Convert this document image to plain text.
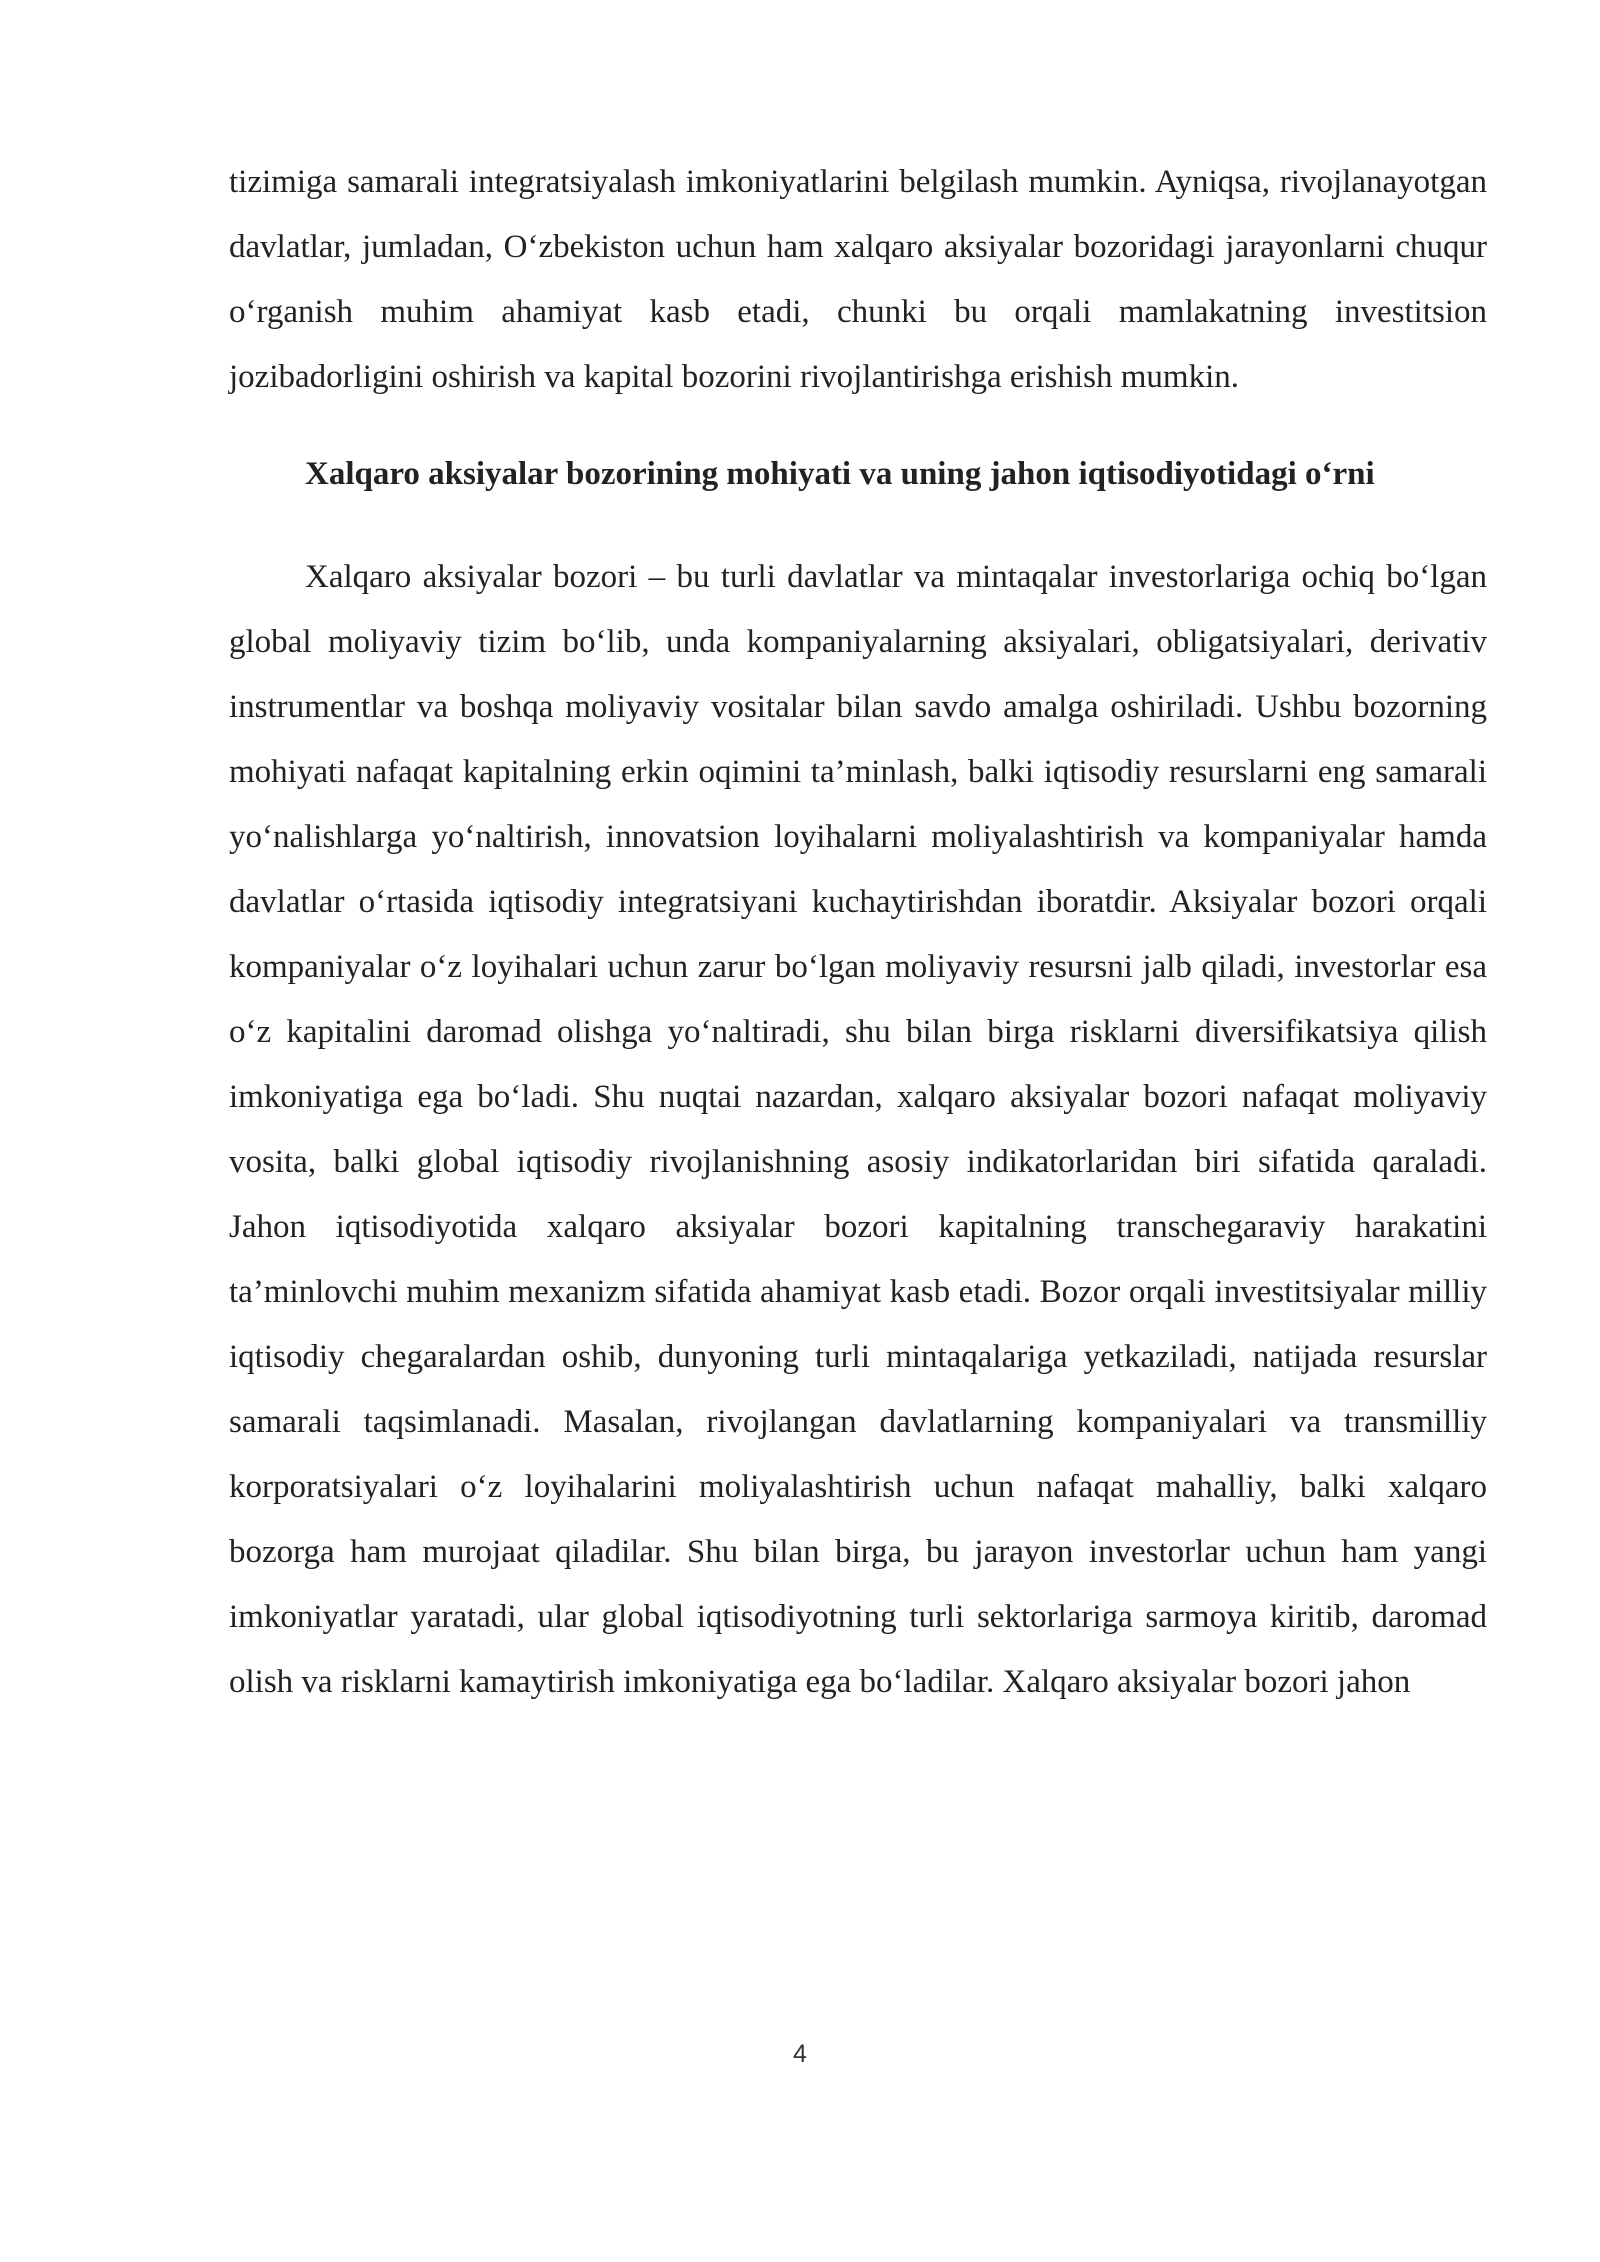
tizimiga samarali integratsiyalash imkoniyatlarini belgilash mumkin. Ayniqsa, rivojlanayotgan davlatlar, jumladan, O‘zbekiston uchun ham xalqaro aksiyalar bozoridagi jarayonlarni chuqur o‘rganish muhim ahamiyat kasb etadi, chunki bu orqali mamlakatning investitsion jozibadorligini oshirish va kapital bozorini rivojlantirishga erishish mumkin.

Xalqaro aksiyalar bozorining mohiyati va uning jahon iqtisodiyotidagi o‘rni

Xalqaro aksiyalar bozori – bu turli davlatlar va mintaqalar investorlariga ochiq bo‘lgan global moliyaviy tizim bo‘lib, unda kompaniyalarning aksiyalari, obligatsiyalari, derivativ instrumentlar va boshqa moliyaviy vositalar bilan savdo amalga oshiriladi. Ushbu bozorning mohiyati nafaqat kapitalning erkin oqimini ta’minlash, balki iqtisodiy resurslarni eng samarali yo‘nalishlarga yo‘naltirish, innovatsion loyihalarni moliyalashtirish va kompaniyalar hamda davlatlar o‘rtasida iqtisodiy integratsiyani kuchaytirishdan iboratdir. Aksiyalar bozori orqali kompaniyalar o‘z loyihalari uchun zarur bo‘lgan moliyaviy resursni jalb qiladi, investorlar esa o‘z kapitalini daromad olishga yo‘naltiradi, shu bilan birga risklarni diversifikatsiya qilish imkoniyatiga ega bo‘ladi. Shu nuqtai nazardan, xalqaro aksiyalar bozori nafaqat moliyaviy vosita, balki global iqtisodiy rivojlanishning asosiy indikatorlaridan biri sifatida qaraladi. Jahon iqtisodiyotida xalqaro aksiyalar bozori kapitalning transchegaraviy harakatini ta’minlovchi muhim mexanizm sifatida ahamiyat kasb etadi. Bozor orqali investitsiyalar milliy iqtisodiy chegaralardan oshib, dunyoning turli mintaqalariga yetkaziladi, natijada resurslar samarali taqsimlanadi. Masalan, rivojlangan davlatlarning kompaniyalari va transmilliy korporatsiyalari o‘z loyihalarini moliyalashtirish uchun nafaqat mahalliy, balki xalqaro bozorga ham murojaat qiladilar. Shu bilan birga, bu jarayon investorlar uchun ham yangi imkoniyatlar yaratadi, ular global iqtisodiyotning turli sektorlariga sarmoya kiritib, daromad olish va risklarni kamaytirish imkoniyatiga ega bo‘ladilar. Xalqaro aksiyalar bozori jahon

4
